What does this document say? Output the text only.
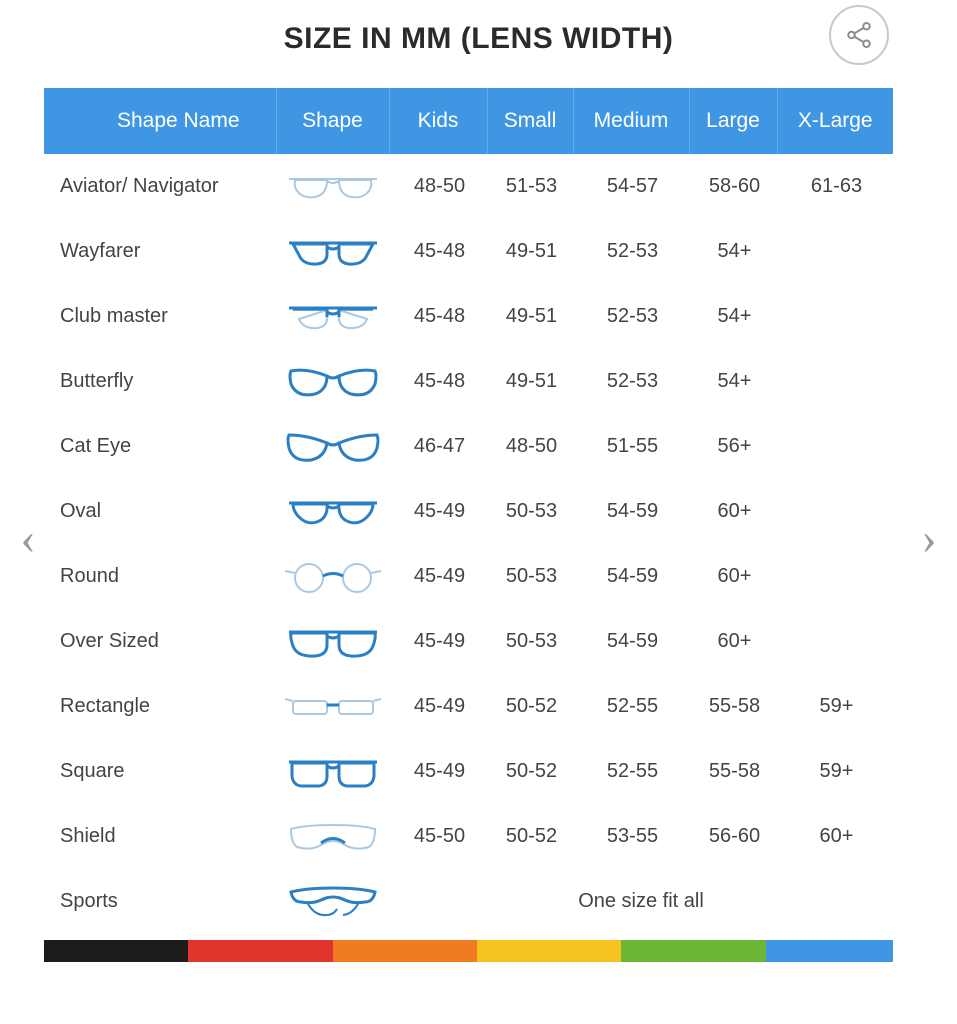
SIZE IN MM (LENS WIDTH)
‹	›
Shape Name	Shape	Kids	Small	Medium	Large	X-Large
Aviator/ Navigator		48-50	51-53	54-57	58-60	61-63
Wayfarer		45-48	49-51	52-53	54+	
Club master		45-48	49-51	52-53	54+	
Butterfly		45-48	49-51	52-53	54+	
Cat Eye		46-47	48-50	51-55	56+	
Oval		45-49	50-53	54-59	60+	
Round		45-49	50-53	54-59	60+	
Over Sized		45-49	50-53	54-59	60+	
Rectangle		45-49	50-52	52-55	55-58	59+
Square		45-49	50-52	52-55	55-58	59+
Shield		45-50	50-52	53-55	56-60	60+
Sports		One size fit all				
